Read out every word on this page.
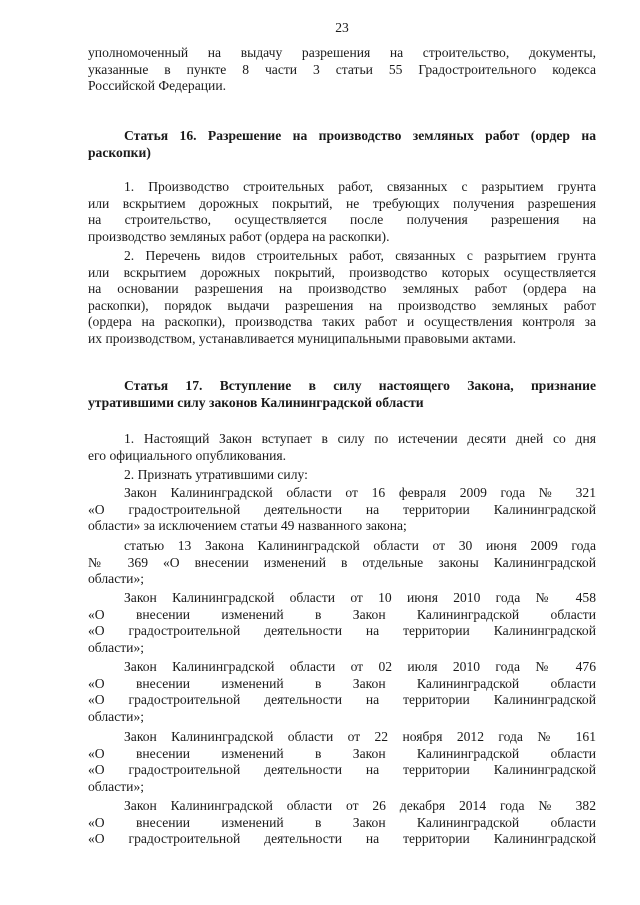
23

уполномоченный на выдачу разрешения на строительство, документы,

указанные в пункте 8 части 3 статьи 55 Градостроительного кодекса

Российской Федерации.

Статья 16. Разрешение на производство земляных работ (ордер на

раскопки)

1. Производство строительных работ, связанных с разрытием грунта

или вскрытием дорожных покрытий, не требующих получения разрешения

на строительство, осуществляется после получения разрешения на

производство земляных работ (ордера на раскопки).

2. Перечень видов строительных работ, связанных с разрытием грунта

или вскрытием дорожных покрытий, производство которых осуществляется

на основании разрешения на производство земляных работ (ордера на

раскопки), порядок выдачи разрешения на производство земляных работ

(ордера на раскопки), производства таких работ и осуществления контроля за

их производством, устанавливается муниципальными правовыми актами.

Статья 17. Вступление в силу настоящего Закона, признание

утратившими силу законов Калининградской области

1. Настоящий Закон вступает в силу по истечении десяти дней со дня

его официального опубликования.

2. Признать утратившими силу:

Закон Калининградской области от 16 февраля 2009 года № 321

«О градостроительной деятельности на территории Калининградской

области» за исключением статьи 49 названного закона;

статью 13 Закона Калининградской области от 30 июня 2009 года

№ 369 «О внесении изменений в отдельные законы Калининградской

области»;

Закон Калининградской области от 10 июня 2010 года № 458

«О внесении изменений в Закон Калининградской области

«О градостроительной деятельности на территории Калининградской

области»;

Закон Калининградской области от 02 июля 2010 года № 476

«О внесении изменений в Закон Калининградской области

«О градостроительной деятельности на территории Калининградской

области»;

Закон Калининградской области от 22 ноября 2012 года № 161

«О внесении изменений в Закон Калининградской области

«О градостроительной деятельности на территории Калининградской

области»;

Закон Калининградской области от 26 декабря 2014 года № 382

«О внесении изменений в Закон Калининградской области

«О градостроительной деятельности на территории Калининградской
